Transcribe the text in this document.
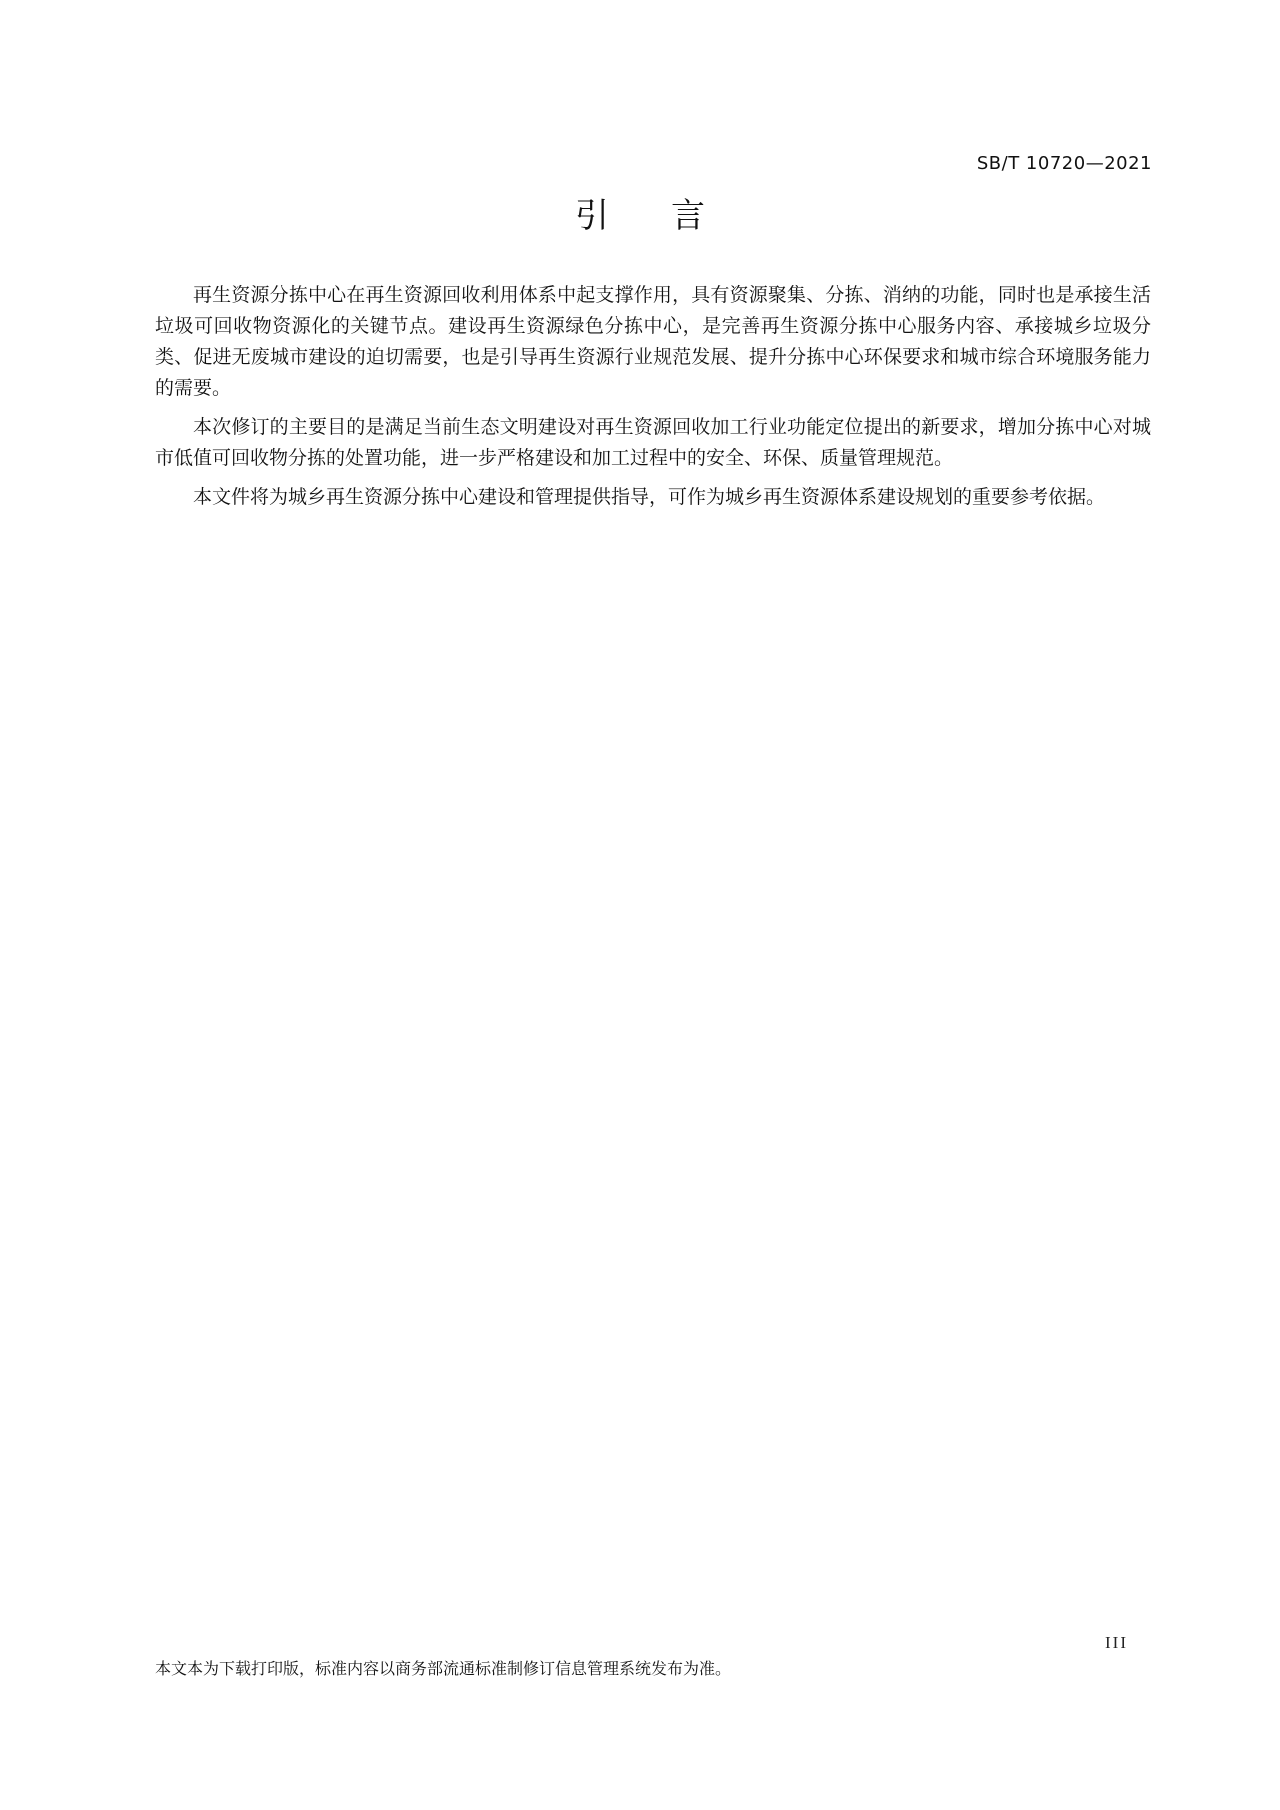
SB/T 10720—2021
引言

再生资源分拣中心在再生资源回收利用体系中起支撑作用，具有资源聚集、分拣、消纳的功能，同时也是承接生活垃圾可回收物资源化的关键节点。建设再生资源绿色分拣中心，是完善再生资源分拣中心服务内容、承接城乡垃圾分类、促进无废城市建设的迫切需要，也是引导再生资源行业规范发展、提升分拣中心环保要求和城市综合环境服务能力的需要。

本次修订的主要目的是满足当前生态文明建设对再生资源回收加工行业功能定位提出的新要求，增加分拣中心对城市低值可回收物分拣的处置功能，进一步严格建设和加工过程中的安全、环保、质量管理规范。

本文件将为城乡再生资源分拣中心建设和管理提供指导，可作为城乡再生资源体系建设规划的重要参考依据。

III
本文本为下载打印版，标准内容以商务部流通标准制修订信息管理系统发布为准。
